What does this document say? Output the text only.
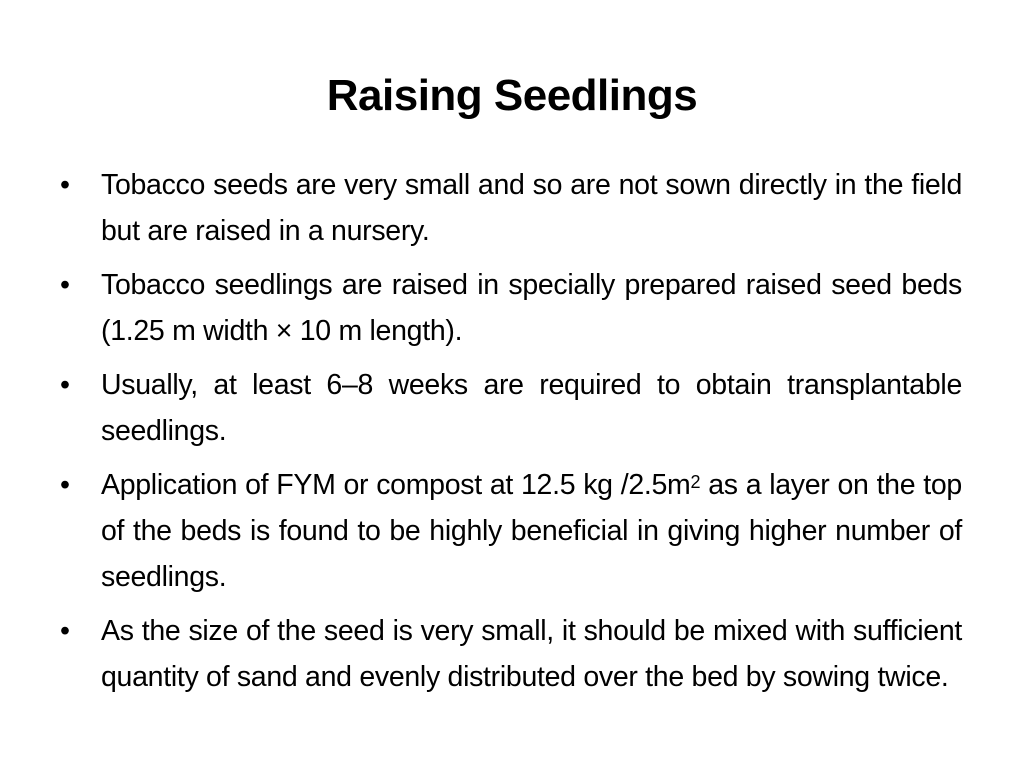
Raising Seedlings
•	Tobacco seeds are very small and so are not sown directly in the field but are raised in a nursery.
•	Tobacco seedlings are raised in specially prepared raised seed beds (1.25 m width × 10 m length).
•	Usually, at least 6–8 weeks are required to obtain transplantable seedlings.
•	Application of FYM or compost at 12.5 kg $/2.5m^2$ as a layer on the top of the beds is found to be highly beneficial in giving higher number of seedlings.
•	As the size of the seed is very small, it should be mixed with sufficient quantity of sand and evenly distributed over the bed by sowing twice.
